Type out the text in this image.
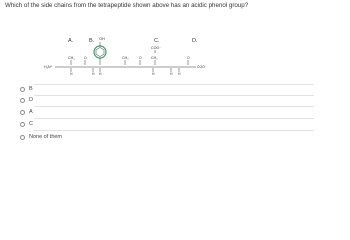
Which of the side chains from the tetrapeptide shown above has an acidic phenol group?
A.	B.	C.	D.
OH
COO⁻
CH₂	CH₂	CH₂
O	O	O
H₃N⁺	COO⁻
H	H H	H	H H
B
D
A
C
None of them
